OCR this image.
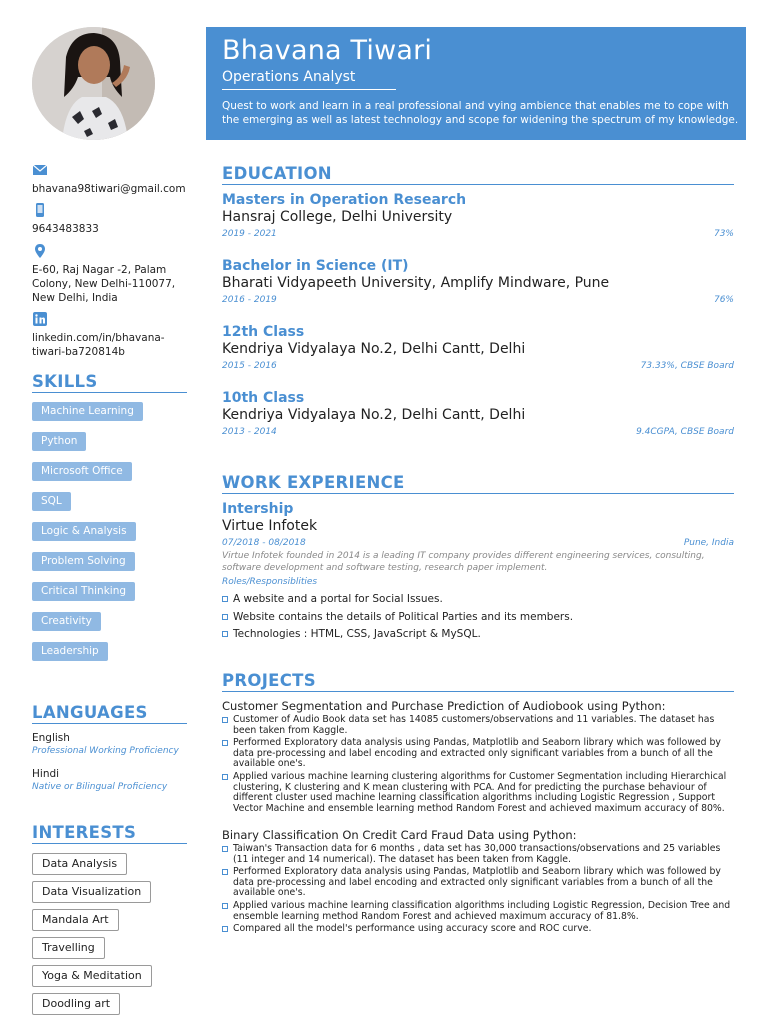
bhavana98tiwari@gmail.com
9643483833
E-60, Raj Nagar -2, Palam Colony, New Delhi-110077, New Delhi, India
linkedin.com/in/bhavana-tiwari-ba720814b
SKILLS
Machine Learning
Python
Microsoft Office
SQL
Logic & Analysis
Problem Solving
Critical Thinking
Creativity
Leadership
LANGUAGES
English
Professional Working Proficiency
Hindi
Native or Bilingual Proficiency
INTERESTS
Data Analysis
Data Visualization
Mandala Art
Travelling
Yoga & Meditation
Doodling art
Bhavana Tiwari
Operations Analyst
Quest to work and learn in a real professional and vying ambience that enables me to cope with the emerging as well as latest technology and scope for widening the spectrum of my knowledge.
EDUCATION
Masters in Operation Research
Hansraj College, Delhi University
2019 - 2021	73%
Bachelor in Science (IT)
Bharati Vidyapeeth University, Amplify Mindware, Pune
2016 - 2019	76%
12th Class
Kendriya Vidyalaya No.2, Delhi Cantt, Delhi
2015 - 2016	73.33%, CBSE Board
10th Class
Kendriya Vidyalaya No.2, Delhi Cantt, Delhi
2013 - 2014	9.4CGPA, CBSE Board
WORK EXPERIENCE
Intership
Virtue Infotek
07/2018 - 08/2018	Pune, India
Virtue Infotek founded in 2014 is a leading IT company provides different engineering services, consulting, software development and software testing, research paper implement.
Roles/Responsiblities
A website and a portal for Social Issues.
Website contains the details of Political Parties and its members.
Technologies : HTML, CSS, JavaScript & MySQL.
PROJECTS
Customer Segmentation and Purchase Prediction of Audiobook using Python:
Customer of Audio Book data set has 14085 customers/observations and 11 variables. The dataset has been taken from Kaggle.
Performed Exploratory data analysis using Pandas, Matplotlib and Seaborn library which was followed by data pre-processing and label encoding and extracted only significant variables from a bunch of all the available one's.
Applied various machine learning clustering algorithms for Customer Segmentation including Hierarchical clustering, K clustering and K mean clustering with PCA. And for predicting the purchase behaviour of different cluster used machine learning classification algorithms including Logistic Regression , Support Vector Machine and ensemble learning method Random Forest and achieved maximum accuracy of 80%.
Binary Classification On Credit Card Fraud Data using Python:
Taiwan's Transaction data for 6 months , data set has 30,000 transactions/observations and 25 variables (11 integer and 14 numerical). The dataset has been taken from Kaggle.
Performed Exploratory data analysis using Pandas, Matplotlib and Seaborn library which was followed by data pre-processing and label encoding and extracted only significant variables from a bunch of all the available one's.
Applied various machine learning classification algorithms including Logistic Regression, Decision Tree and ensemble learning method Random Forest and achieved maximum accuracy of 81.8%.
Compared all the model's performance using accuracy score and ROC curve.
